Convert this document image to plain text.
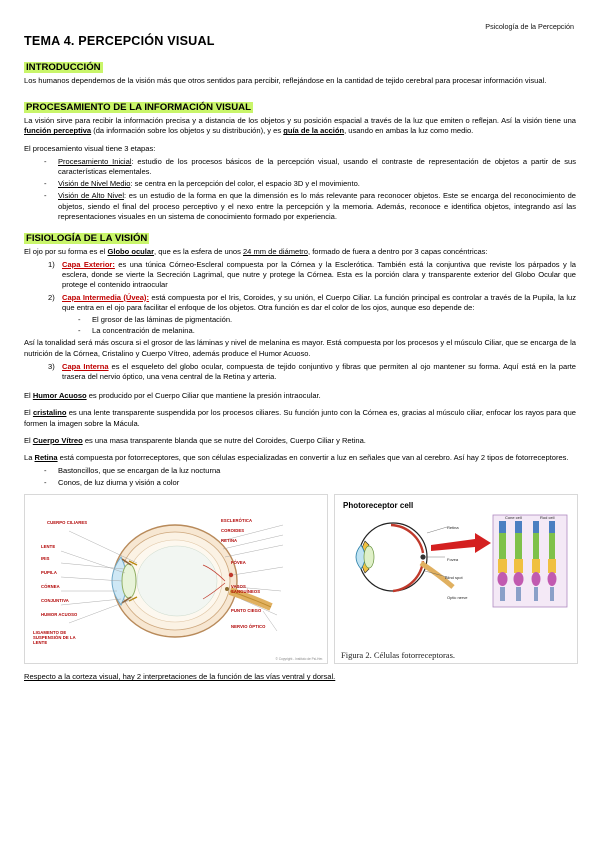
Psicología de la Percepción
TEMA 4. PERCEPCIÓN VISUAL
INTRODUCCIÓN

Los humanos dependemos de la visión más que otros sentidos para percibir, reflejándose en la cantidad de tejido cerebral para procesar información visual.

PROCESAMIENTO DE LA INFORMACIÓN VISUAL

La visión sirve para recibir la información precisa y a distancia de los objetos y su posición espacial a través de la luz que emiten o reflejan. Así la visión tiene una función perceptiva (da información sobre los objetos y su distribución), y es guía de la acción, usando en ambas la luz como medio.

El procesamiento visual tiene 3 etapas:

- Procesamiento Inicial: estudio de los procesos básicos de la percepción visual, usando el contraste de representación de objetos a partir de sus características elementales.
- Visión de Nivel Medio: se centra en la percepción del color, el espacio 3D y el movimiento.
- Visión de Alto Nivel: es un estudio de la forma en que la dimensión es lo más relevante para reconocer objetos. Este se encarga del reconocimiento de objetos, siendo el final del proceso perceptivo y el nexo entre la percepción y la memoria. Además, reconoce e identifica objetos, integrando así las representaciones visuales en un sistema de conocimiento formado por experiencia.
FISIOLOGÍA DE LA VISIÓN

El ojo por su forma es el Globo ocular, que es la esfera de unos 24 mm de diámetro, formado de fuera a dentro por 3 capas concéntricas:

1) Capa Exterior: es una túnica Córneo-Escleral compuesta por la Córnea y la Esclerótica. También está la conjuntiva que reviste los párpados y la esclera, donde se vierte la Secreción Lagrimal, que nutre y protege la Córnea. Esta es la porción clara y transparente exterior del Globo Ocular que protege el contenido intraocular
2) Capa Intermedia (Úvea): está compuesta por el Iris, Coroides, y su unión, el Cuerpo Ciliar. La función principal es controlar a través de la Pupila, la luz que entra en el ojo para facilitar el enfoque de los objetos. Otra función es dar el color de los ojos, aunque eso depende de:
- El grosor de las láminas de pigmentación.
- La concentración de melanina.

Así la tonalidad será más oscura si el grosor de las láminas y nivel de melanina es mayor. Está compuesta por los procesos y el músculo Ciliar, que se encarga de la nutrición de la Córnea, Cristalino y Cuerpo Vítreo, además produce el Humor Acuoso.

3) Capa Interna es el esqueleto del globo ocular, compuesta de tejido conjuntivo y fibras que permiten al ojo mantener su forma. Aquí está en la parte trasera del nervio óptico, una vena central de la Retina y arteria.

El Humor Acuoso es producido por el Cuerpo Ciliar que mantiene la presión intraocular.

El cristalino es una lente transparente suspendida por los procesos ciliares. Su función junto con la Córnea es, gracias al músculo ciliar, enfocar los rayos para que formen la imagen sobre la Mácula.

El Cuerpo Vítreo es una masa transparente blanda que se nutre del Coroides, Cuerpo Ciliar y Retina.

La Retina está compuesta por fotorreceptores, que son células especializadas en convertir a luz en señales que van al cerebro. Así hay 2 tipos de fotorreceptores.

- Bastoncillos, que se encargan de la luz nocturna
- Conos, de luz diurna y visión a color
CUERPO CILIARES
LENTE
IRIS
PUPILA
CÓRNEA
CONJUNTIVA
HUMOR ACUOSO
LIGAMENTO DE SUSPENSIÓN DE LA LENTE
ESCLERÓTICA
COROIDES
RETINA
FÓVEA
VASOS SANGUÍNEOS
PUNTO CIEGO
NERVIO ÓPTICO
© Copyright - Instituto de Psi-Her.
Photoreceptor cell
Cone cell	Rod cell
Retina
Fovea
Blind spot
Optic nerve
Figura 2. Células fotorreceptoras.

Respecto a la corteza visual, hay 2 interpretaciones de la función de las vías ventral y dorsal.
